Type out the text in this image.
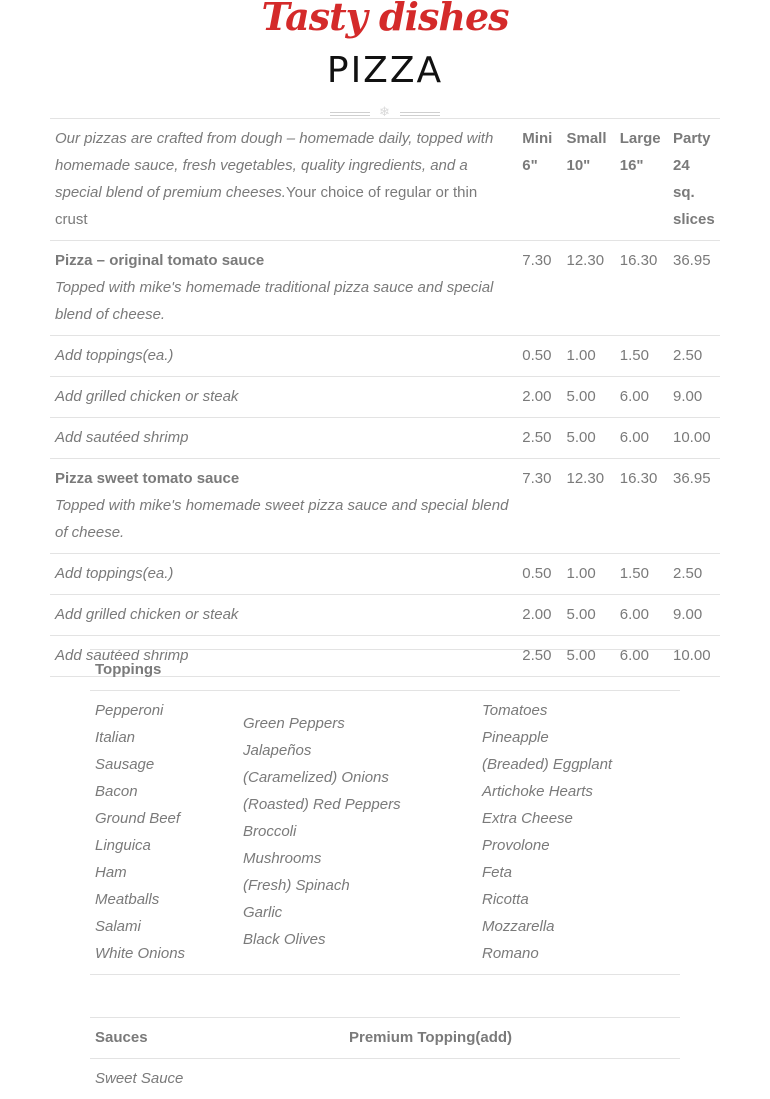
Tasty dishes
PIZZA
❄
Our pizzas are crafted from dough – homemade daily, topped with homemade sauce, fresh vegetables, quality ingredients, and a special blend of premium cheeses.Your choice of regular or thin crust	Mini 6"	Small 10"	Large 16"	Party 24 sq. slices

Pizza – original tomato sauce
Topped with mike's homemade traditional pizza sauce and special blend of cheese.	7.30	12.30	16.30	36.95
Add toppings(ea.)	0.50	1.00	1.50	2.50
Add grilled chicken or steak	2.00	5.00	6.00	9.00
Add sautéed shrimp	2.50	5.00	6.00	10.00

Pizza sweet tomato sauce
Topped with mike's homemade sweet pizza sauce and special blend of cheese.	7.30	12.30	16.30	36.95
Add toppings(ea.)	0.50	1.00	1.50	2.50
Add grilled chicken or steak	2.00	5.00	6.00	9.00
Add sautéed shrimp	2.50	5.00	6.00	10.00
Toppings

Pepperoni
Italian
Sausage
Bacon
Ground Beef
Linguica
Ham
Meatballs
Salami
White Onions

Green Peppers
Jalapeños
(Caramelized) Onions
(Roasted) Red Peppers
Broccoli
Mushrooms
(Fresh) Spinach
Garlic
Black Olives

Tomatoes
Pineapple
(Breaded) Eggplant
Artichoke Hearts
Extra Cheese
Provolone
Feta
Ricotta
Mozzarella
Romano
Sauces	Premium Topping(add)
Sweet Sauce	
